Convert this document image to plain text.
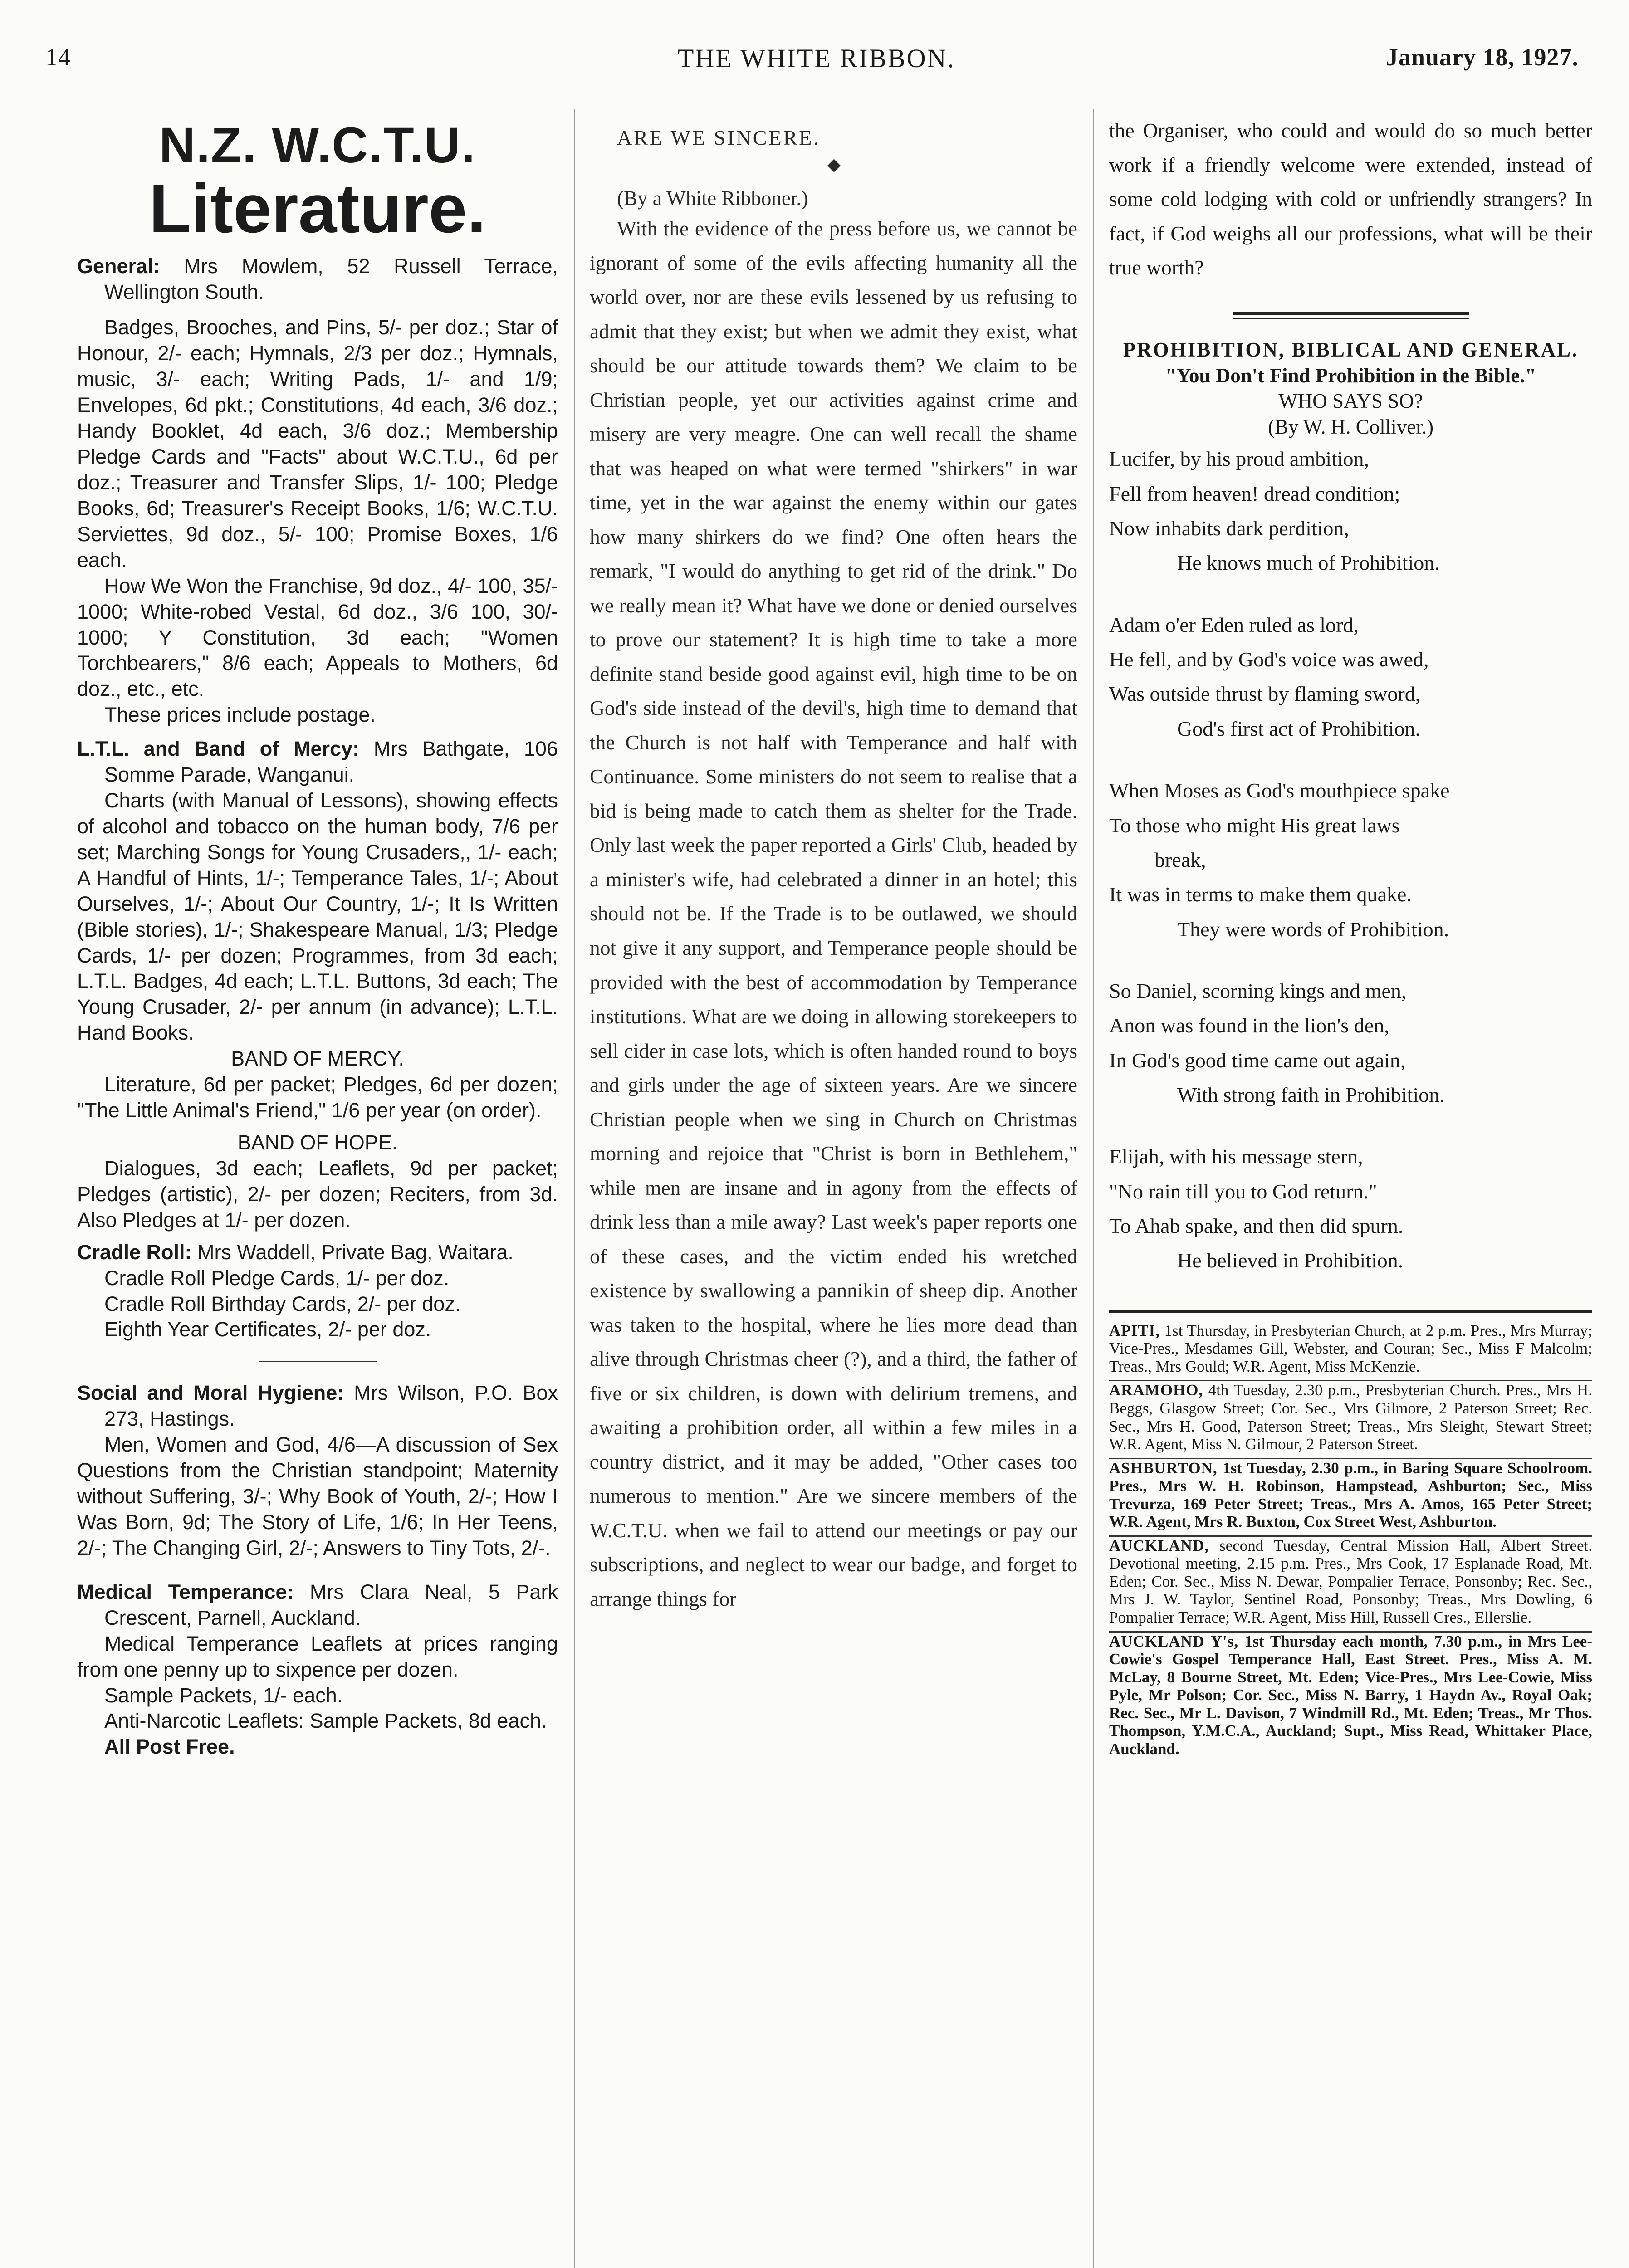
14	THE WHITE RIBBON.	January 18, 1927.
N.Z. W.C.T.U.
Literature.

General: Mrs Mowlem, 52 Russell Terrace, Wellington South.

Badges, Brooches, and Pins, 5/- per doz.; Star of Honour, 2/- each; Hymnals, 2/3 per doz.; Hymnals, music, 3/- each; Writing Pads, 1/- and 1/9; Envelopes, 6d pkt.; Constitutions, 4d each, 3/6 doz.; Handy Booklet, 4d each, 3/6 doz.; Membership Pledge Cards and "Facts" about W.C.T.U., 6d per doz.; Treasurer and Transfer Slips, 1/- 100; Pledge Books, 6d; Treasurer's Receipt Books, 1/6; W.C.T.U. Serviettes, 9d doz., 5/- 100; Promise Boxes, 1/6 each.

How We Won the Franchise, 9d doz., 4/- 100, 35/- 1000; White-robed Vestal, 6d doz., 3/6 100, 30/- 1000; Y Constitution, 3d each; "Women Torchbearers," 8/6 each; Appeals to Mothers, 6d doz., etc., etc.

These prices include postage.

L.T.L. and Band of Mercy: Mrs Bathgate, 106 Somme Parade, Wanganui.

Charts (with Manual of Lessons), showing effects of alcohol and tobacco on the human body, 7/6 per set; Marching Songs for Young Crusaders,, 1/- each; A Handful of Hints, 1/-; Temperance Tales, 1/-; About Ourselves, 1/-; About Our Country, 1/-; It Is Written (Bible stories), 1/-; Shakespeare Manual, 1/3; Pledge Cards, 1/- per dozen; Programmes, from 3d each; L.T.L. Badges, 4d each; L.T.L. Buttons, 3d each; The Young Crusader, 2/- per annum (in advance); L.T.L. Hand Books.

BAND OF MERCY.

Literature, 6d per packet; Pledges, 6d per dozen; "The Little Animal's Friend," 1/6 per year (on order).

BAND OF HOPE.

Dialogues, 3d each; Leaflets, 9d per packet; Pledges (artistic), 2/- per dozen; Reciters, from 3d. Also Pledges at 1/- per dozen.

Cradle Roll: Mrs Waddell, Private Bag, Waitara.

Cradle Roll Pledge Cards, 1/- per doz.

Cradle Roll Birthday Cards, 2/- per doz.

Eighth Year Certificates, 2/- per doz.

Social and Moral Hygiene: Mrs Wilson, P.O. Box 273, Hastings.

Men, Women and God, 4/6—A discussion of Sex Questions from the Christian standpoint; Maternity without Suffering, 3/-; Why Book of Youth, 2/-; How I Was Born, 9d; The Story of Life, 1/6; In Her Teens, 2/-; The Changing Girl, 2/-; Answers to Tiny Tots, 2/-.

Medical Temperance: Mrs Clara Neal, 5 Park Crescent, Parnell, Auckland.

Medical Temperance Leaflets at prices ranging from one penny up to sixpence per dozen.

Sample Packets, 1/- each.

Anti-Narcotic Leaflets: Sample Packets, 8d each.

All Post Free.

ARE WE SINCERE.

———◆———

(By a White Ribboner.)

With the evidence of the press before us, we cannot be ignorant of some of the evils affecting humanity all the world over, nor are these evils lessened by us refusing to admit that they exist; but when we admit they exist, what should be our attitude towards them? We claim to be Christian people, yet our activities against crime and misery are very meagre. One can well recall the shame that was heaped on what were termed "shirkers" in war time, yet in the war against the enemy within our gates how many shirkers do we find? One often hears the remark, "I would do anything to get rid of the drink." Do we really mean it? What have we done or denied ourselves to prove our statement? It is high time to take a more definite stand beside good against evil, high time to be on God's side instead of the devil's, high time to demand that the Church is not half with Temperance and half with Continuance. Some ministers do not seem to realise that a bid is being made to catch them as shelter for the Trade. Only last week the paper reported a Girls' Club, headed by a minister's wife, had celebrated a dinner in an hotel; this should not be. If the Trade is to be outlawed, we should not give it any support, and Temperance people should be provided with the best of accommodation by Temperance institutions. What are we doing in allowing storekeepers to sell cider in case lots, which is often handed round to boys and girls under the age of sixteen years. Are we sincere Christian people when we sing in Church on Christmas morning and rejoice that "Christ is born in Bethlehem," while men are insane and in agony from the effects of drink less than a mile away? Last week's paper reports one of these cases, and the victim ended his wretched existence by swallowing a pannikin of sheep dip. Another was taken to the hospital, where he lies more dead than alive through Christmas cheer (?), and a third, the father of five or six children, is down with delirium tremens, and awaiting a prohibition order, all within a few miles in a country district, and it may be added, "Other cases too numerous to mention." Are we sincere members of the W.C.T.U. when we fail to attend our meetings or pay our subscriptions, and neglect to wear our badge, and forget to arrange things for

the Organiser, who could and would do so much better work if a friendly welcome were extended, instead of some cold lodging with cold or unfriendly strangers? In fact, if God weighs all our professions, what will be their true worth?

PROHIBITION, BIBLICAL AND GENERAL.

"You Don't Find Prohibition in the Bible."

WHO SAYS SO?

(By W. H. Colliver.)

Lucifer, by his proud ambition,

Fell from heaven! dread condition;

Now inhabits dark perdition,

He knows much of Prohibition.

Adam o'er Eden ruled as lord,

He fell, and by God's voice was awed,

Was outside thrust by flaming sword,

God's first act of Prohibition.

When Moses as God's mouthpiece spake

To those who might His great laws

break,

It was in terms to make them quake.

They were words of Prohibition.

So Daniel, scorning kings and men,

Anon was found in the lion's den,

In God's good time came out again,

With strong faith in Prohibition.

Elijah, with his message stern,

"No rain till you to God return."

To Ahab spake, and then did spurn.

He believed in Prohibition.

APITI, 1st Thursday, in Presbyterian Church, at 2 p.m. Pres., Mrs Murray; Vice-Pres., Mesdames Gill, Webster, and Couran; Sec., Miss F Malcolm; Treas., Mrs Gould; W.R. Agent, Miss McKenzie.

ARAMOHO, 4th Tuesday, 2.30 p.m., Presbyterian Church. Pres., Mrs H. Beggs, Glasgow Street; Cor. Sec., Mrs Gilmore, 2 Paterson Street; Rec. Sec., Mrs H. Good, Paterson Street; Treas., Mrs Sleight, Stewart Street; W.R. Agent, Miss N. Gilmour, 2 Paterson Street.

ASHBURTON, 1st Tuesday, 2.30 p.m., in Baring Square Schoolroom. Pres., Mrs W. H. Robinson, Hampstead, Ashburton; Sec., Miss Trevurza, 169 Peter Street; Treas., Mrs A. Amos, 165 Peter Street; W.R. Agent, Mrs R. Buxton, Cox Street West, Ashburton.

AUCKLAND, second Tuesday, Central Mission Hall, Albert Street. Devotional meeting, 2.15 p.m. Pres., Mrs Cook, 17 Esplanade Road, Mt. Eden; Cor. Sec., Miss N. Dewar, Pompalier Terrace, Ponsonby; Rec. Sec., Mrs J. W. Taylor, Sentinel Road, Ponsonby; Treas., Mrs Dowling, 6 Pompalier Terrace; W.R. Agent, Miss Hill, Russell Cres., Ellerslie.

AUCKLAND Y's, 1st Thursday each month, 7.30 p.m., in Mrs Lee-Cowie's Gospel Temperance Hall, East Street. Pres., Miss A. M. McLay, 8 Bourne Street, Mt. Eden; Vice-Pres., Mrs Lee-Cowie, Miss Pyle, Mr Polson; Cor. Sec., Miss N. Barry, 1 Haydn Av., Royal Oak; Rec. Sec., Mr L. Davison, 7 Windmill Rd., Mt. Eden; Treas., Mr Thos. Thompson, Y.M.C.A., Auckland; Supt., Miss Read, Whittaker Place, Auckland.
